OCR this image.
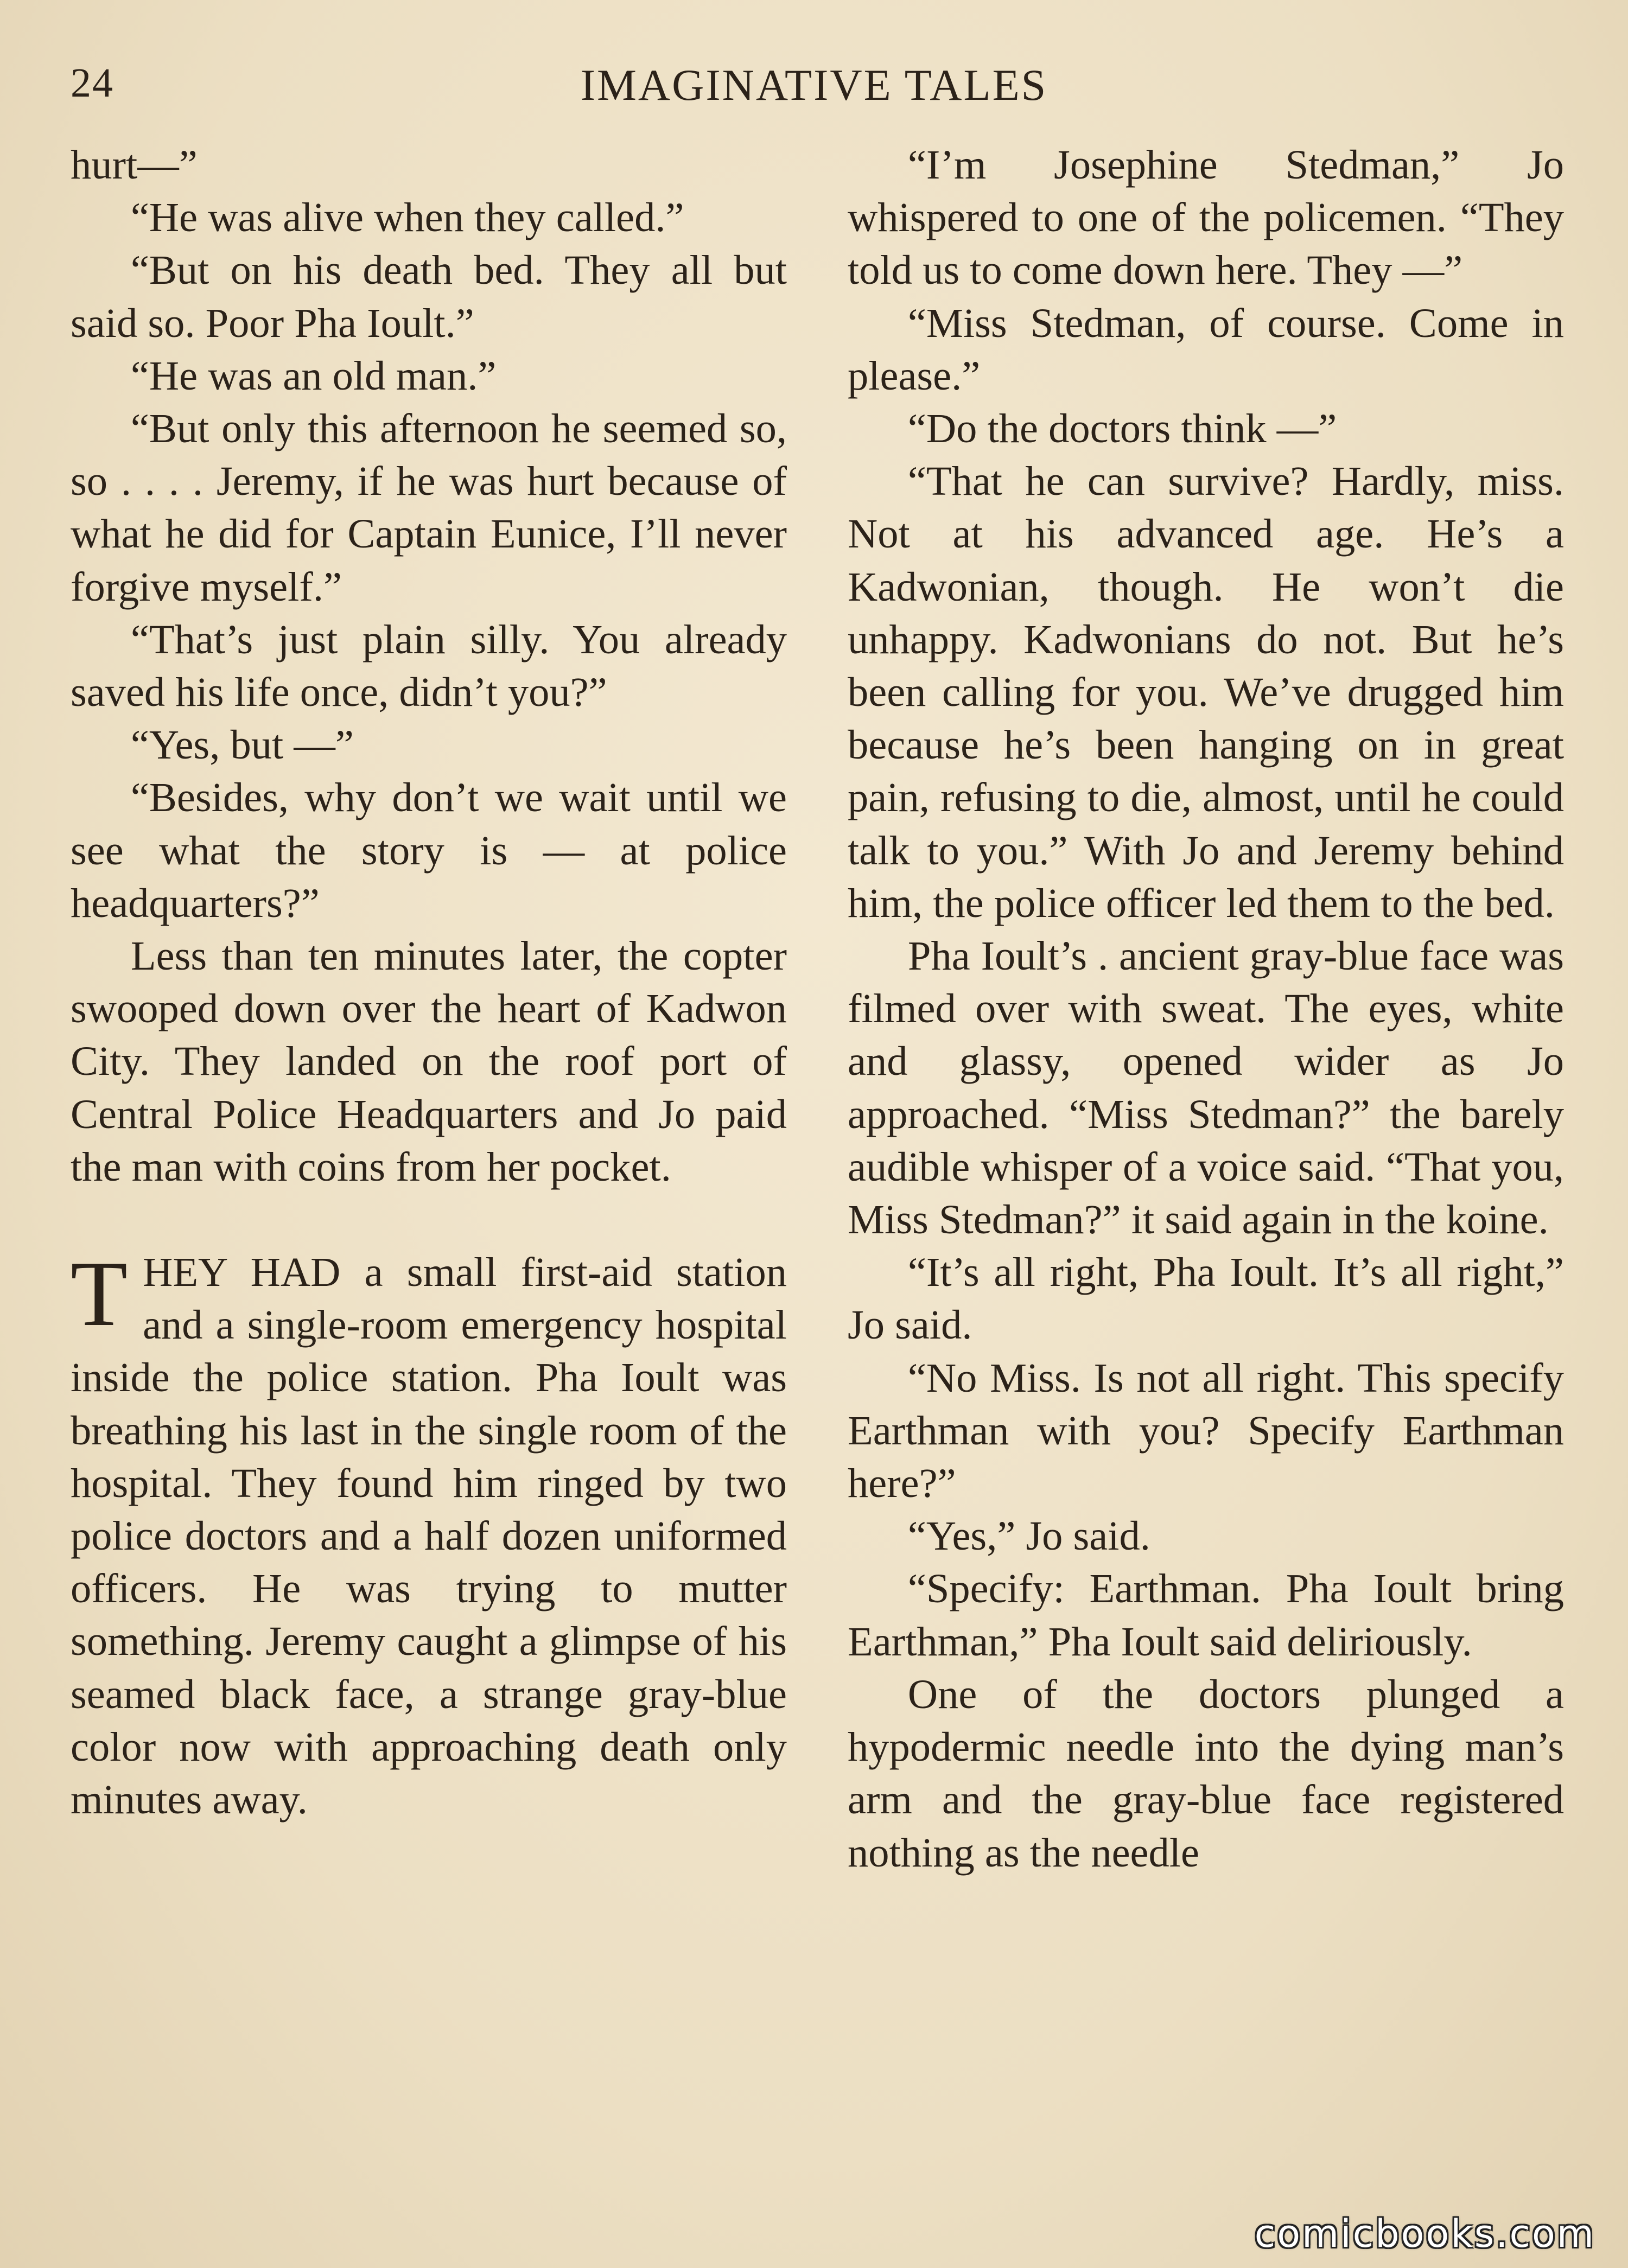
24	IMAGINATIVE TALES

hurt—”

“He was alive when they called.”

“But on his death bed. They all but said so. Poor Pha Ioult.”

“He was an old man.”

“But only this afternoon he seemed so, so . . . . Jeremy, if he was hurt because of what he did for Captain Eunice, I’ll never forgive myself.”

“That’s just plain silly. You already saved his life once, didn’t you?”

“Yes, but —”

“Besides, why don’t we wait until we see what the story is — at police headquarters?”

Less than ten minutes later, the copter swooped down over the heart of Kadwon City. They landed on the roof port of Central Police Headquarters and Jo paid the man with coins from her pocket.

THEY HAD a small first-aid station and a single-room emergency hospital inside the police station. Pha Ioult was breathing his last in the single room of the hospital. They found him ringed by two police doctors and a half dozen uniformed officers. He was trying to mutter something. Jeremy caught a glimpse of his seamed black face, a strange gray-blue color now with approaching death only minutes away.

“I’m Josephine Stedman,” Jo whispered to one of the policemen. “They told us to come down here. They —”

“Miss Stedman, of course. Come in please.”

“Do the doctors think —”

“That he can survive? Hardly, miss. Not at his advanced age. He’s a Kadwonian, though. He won’t die unhappy. Kadwonians do not. But he’s been calling for you. We’ve drugged him because he’s been hanging on in great pain, refusing to die, almost, until he could talk to you.” With Jo and Jeremy behind him, the police officer led them to the bed.

Pha Ioult’s . ancient gray-blue face was filmed over with sweat. The eyes, white and glassy, opened wider as Jo approached. “Miss Stedman?” the barely audible whisper of a voice said. “That you, Miss Stedman?” it said again in the koine.

“It’s all right, Pha Ioult. It’s all right,” Jo said.

“No Miss. Is not all right. This specify Earthman with you? Specify Earthman here?”

“Yes,” Jo said.

“Specify: Earthman. Pha Ioult bring Earthman,” Pha Ioult said deliriously.

One of the doctors plunged a hypodermic needle into the dying man’s arm and the gray-blue face registered nothing as the needle

comicbooks.com
